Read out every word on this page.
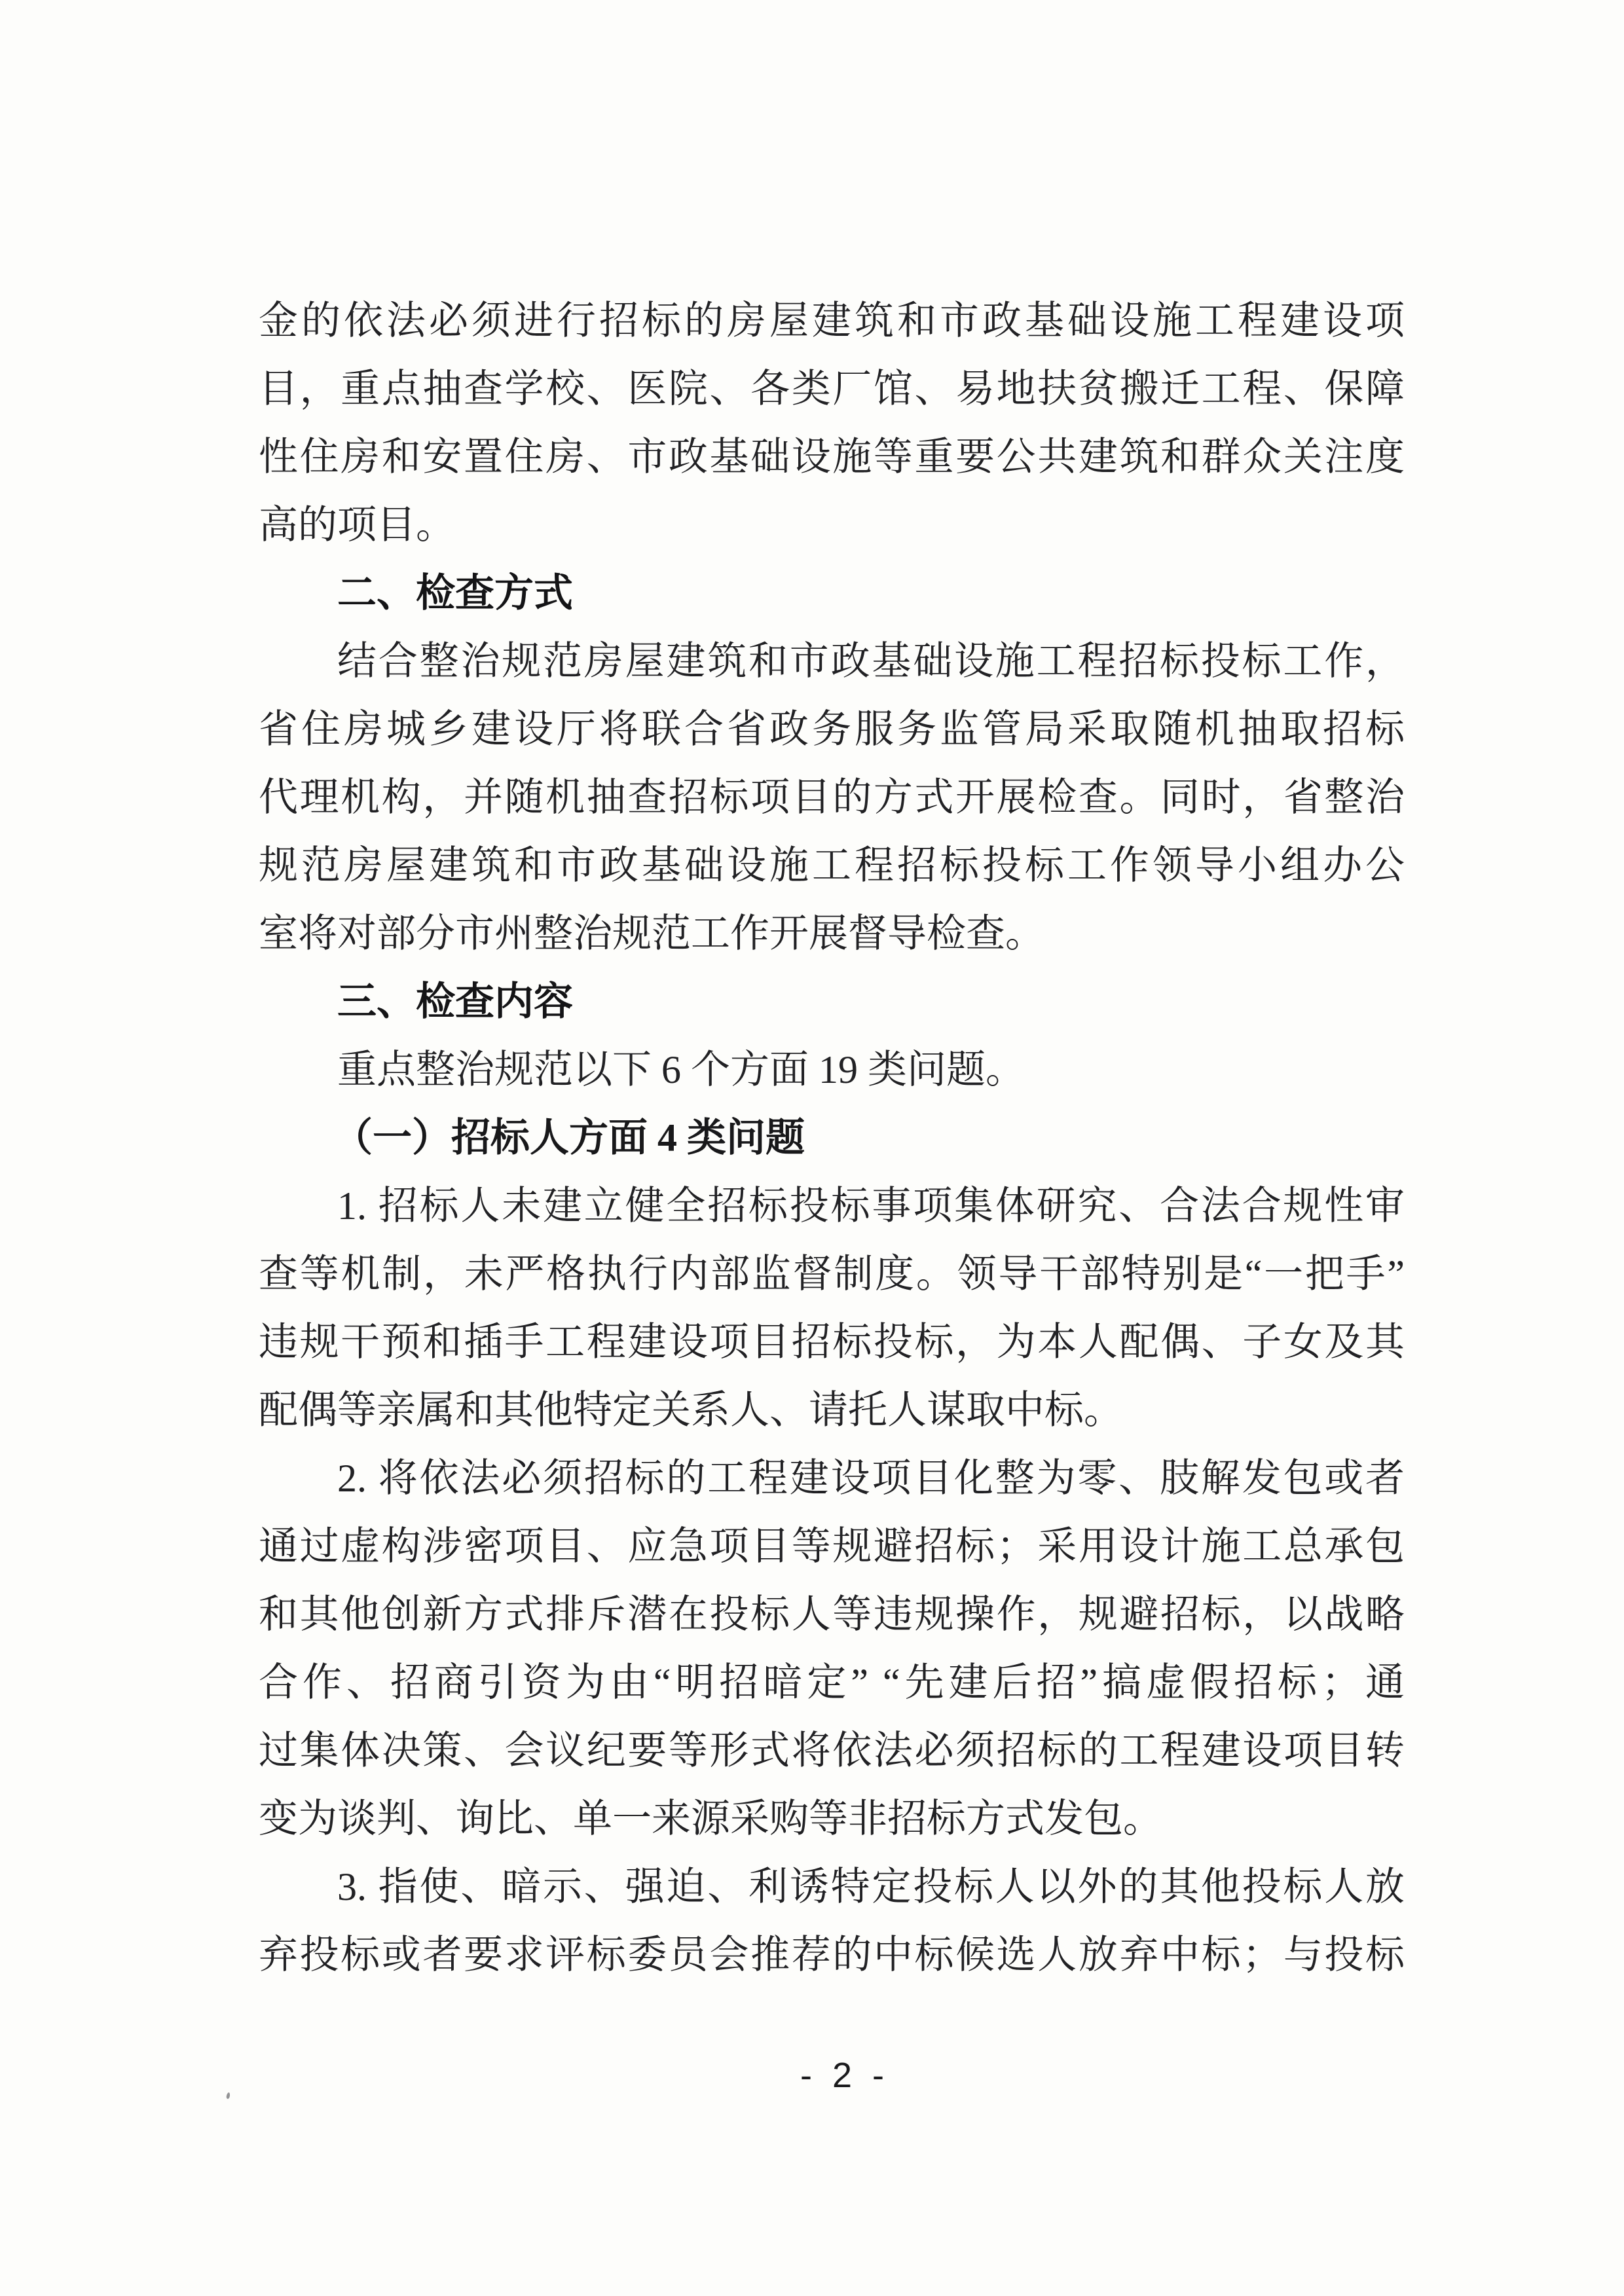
金的依法必须进行招标的房屋建筑和市政基础设施工程建设项
目，重点抽查学校、医院、各类厂馆、易地扶贫搬迁工程、保障
性住房和安置住房、市政基础设施等重要公共建筑和群众关注度
高的项目。
二、检查方式
结合整治规范房屋建筑和市政基础设施工程招标投标工作，
省住房城乡建设厅将联合省政务服务监管局采取随机抽取招标
代理机构，并随机抽查招标项目的方式开展检查。同时，省整治
规范房屋建筑和市政基础设施工程招标投标工作领导小组办公
室将对部分市州整治规范工作开展督导检查。
三、检查内容
重点整治规范以下 6 个方面 19 类问题。
（一）招标人方面 4 类问题
1. 招标人未建立健全招标投标事项集体研究、合法合规性审
查等机制，未严格执行内部监督制度。领导干部特别是“一把手”
违规干预和插手工程建设项目招标投标，为本人配偶、子女及其
配偶等亲属和其他特定关系人、请托人谋取中标。
2. 将依法必须招标的工程建设项目化整为零、肢解发包或者
通过虚构涉密项目、应急项目等规避招标；采用设计施工总承包
和其他创新方式排斥潜在投标人等违规操作，规避招标，以战略
合作、招商引资为由“明招暗定” “先建后招”搞虚假招标；通
过集体决策、会议纪要等形式将依法必须招标的工程建设项目转
变为谈判、询比、单一来源采购等非招标方式发包。
3. 指使、暗示、强迫、利诱特定投标人以外的其他投标人放
弃投标或者要求评标委员会推荐的中标候选人放弃中标；与投标
- 2 -
